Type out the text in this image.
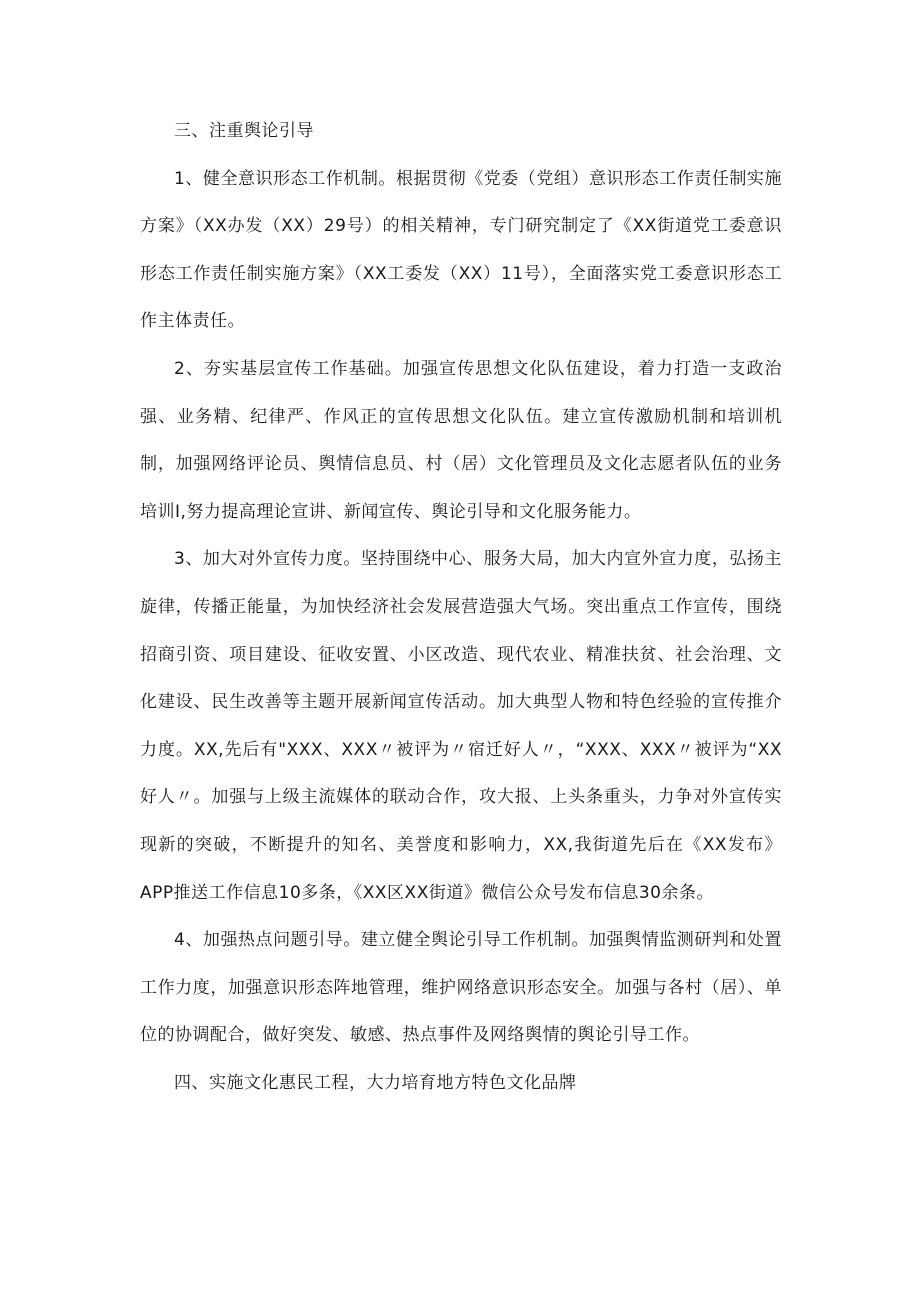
三、注重舆论引导

1、健全意识形态工作机制。根据贯彻《党委（党组）意识形态工作责任制实施方案》（XX办发（XX）29号）的相关精神，专门研究制定了《XX街道党工委意识形态工作责任制实施方案》（XX工委发（XX）11号），全面落实党工委意识形态工作主体责任。

2、夯实基层宣传工作基础。加强宣传思想文化队伍建设，着力打造一支政治强、业务精、纪律严、作风正的宣传思想文化队伍。建立宣传激励机制和培训机制，加强网络评论员、舆情信息员、村（居）文化管理员及文化志愿者队伍的业务培训I,努力提高理论宣讲、新闻宣传、舆论引导和文化服务能力。

3、加大对外宣传力度。坚持围绕中心、服务大局，加大内宣外宣力度，弘扬主旋律，传播正能量，为加快经济社会发展营造强大气场。突出重点工作宣传，围绕招商引资、项目建设、征收安置、小区改造、现代农业、精准扶贫、社会治理、文化建设、民生改善等主题开展新闻宣传活动。加大典型人物和特色经验的宣传推介力度。XX,先后有"XXX、XXX〃被评为〃宿迁好人〃，“XXX、XXX〃被评为“XX好人〃。加强与上级主流媒体的联动合作，攻大报、上头条重头，力争对外宣传实现新的突破，不断提升的知名、美誉度和影响力，XX,我街道先后在《XX发布》APP推送工作信息10多条，《XX区XX街道》微信公众号发布信息30余条。

4、加强热点问题引导。建立健全舆论引导工作机制。加强舆情监测研判和处置工作力度，加强意识形态阵地管理，维护网络意识形态安全。加强与各村（居）、单位的协调配合，做好突发、敏感、热点事件及网络舆情的舆论引导工作。

四、实施文化惠民工程，大力培育地方特色文化品牌
